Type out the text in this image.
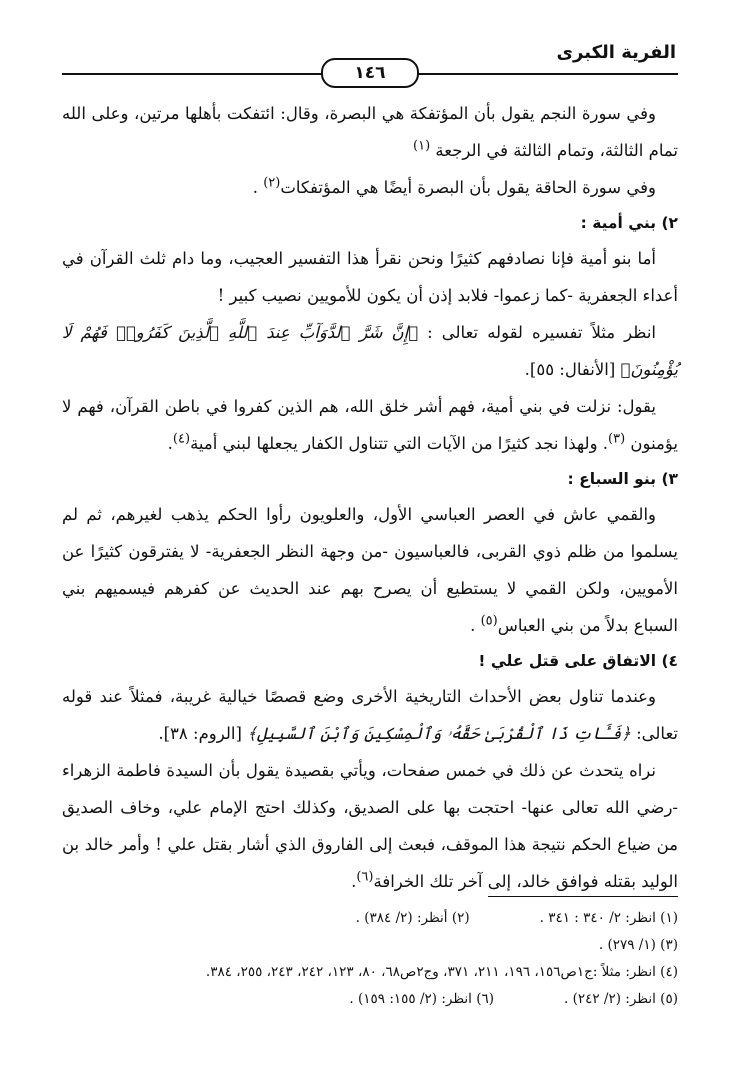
الفرية الكبرى
١٤٦

وفي سورة النجم يقول بأن المؤتفكة هي البصرة، وقال: ائتفكت بأهلها مرتين، وعلى الله تمام الثالثة، وتمام الثالثة في الرجعة $^{(١)}$

وفي سورة الحاقة يقول بأن البصرة أيضًا هي المؤتفكات$^{(٢)}$ .

٢) بني أمية :

أما بنو أمية فإنا نصادفهم كثيرًا ونحن نقرأ هذا التفسير العجيب، وما دام ثلث القرآن في أعداء الجعفرية -كما زعموا- فلابد إذن أن يكون للأمويين نصيب كبير !

انظر مثلاً تفسيره لقوله تعالى : ﴿إِنَّ شَرَّ ٱلدَّوَآبِّ عِندَ ٱللَّهِ ٱلَّذِينَ كَفَرُوا۟ فَهُمْ لَا يُؤْمِنُونَ﴾ [الأنفال: ٥٥].

يقول: نزلت في بني أمية، فهم أشر خلق الله، هم الذين كفروا في باطن القرآن، فهم لا يؤمنون $^{(٣)}$. ولهذا نجد كثيرًا من الآيات التي تتناول الكفار يجعلها لبني أمية$^{(٤)}$.

٣) بنو السباع :

والقمي عاش في العصر العباسي الأول، والعلويون رأوا الحكم يذهب لغيرهم، ثم لم يسلموا من ظلم ذوي القربى، فالعباسيون -من وجهة النظر الجعفرية- لا يفترقون كثيرًا عن الأمويين، ولكن القمي لا يستطيع أن يصرح بهم عند الحديث عن كفرهم فيسميهم بني السباع بدلاً من بني العباس$^{(٥)}$ .

٤) الاتفاق على قتل علي !

وعندما تناول بعض الأحداث التاريخية الأخرى وضع قصصًا خيالية غريبة، فمثلاً عند قوله تعالى: ﴿فَـَٔاتِ ذَا ٱلْقُرْبَىٰ حَقَّهُۥ وَٱلْمِسْكِينَ وَٱبْنَ ٱلسَّبِيلِ﴾ [الروم: ٣٨].

نراه يتحدث عن ذلك في خمس صفحات، ويأتي بقصيدة يقول بأن السيدة فاطمة الزهراء -رضي الله تعالى عنها- احتجت بها على الصديق، وكذلك احتج الإمام علي، وخاف الصديق من ضياع الحكم نتيجة هذا الموقف، فبعث إلى الفاروق الذي أشار بقتل علي ! وأمر خالد بن الوليد بقتله فوافق خالد، إلى آخر تلك الخرافة$^{(٦)}$.

(١) انظر: ٢/ ٣٤٠ : ٣٤١ .
(٢) أنظر: (٢/ ٣٨٤) .
(٣) (١/ ٢٧٩) .
(٤) انظر: مثلاً :ج١ص١٥٦، ١٩٦، ٢١١، ٣٧١، وج٢ص٦٨، ٨٠، ١٢٣، ٢٤٢، ٢٤٣، ٢٥٥، ٣٨٤.
(٥) انظر: (٢/ ٢٤٢) .
(٦) انظر: (٢/ ١٥٥: ١٥٩) .
